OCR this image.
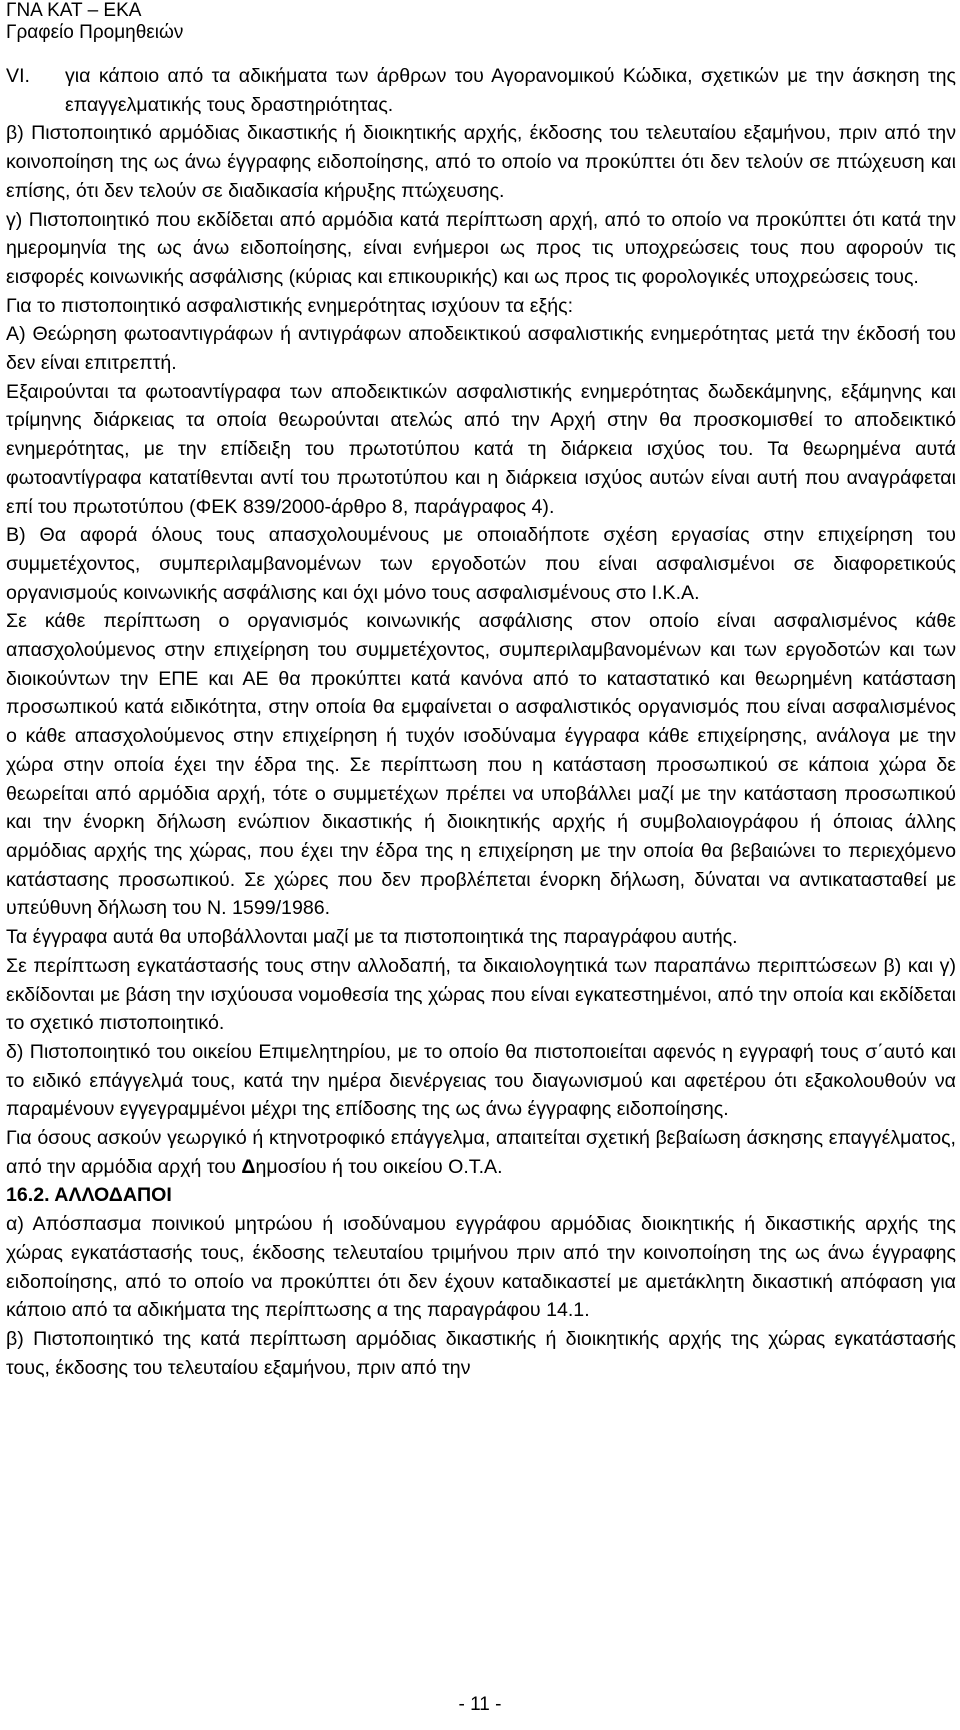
ΓΝΑ ΚΑΤ – ΕΚΑ
Γραφείο Προμηθειών
VI.	για κάποιο από τα αδικήματα των άρθρων του Αγορανομικού Κώδικα, σχετικών με την άσκηση της επαγγελματικής τους δραστηριότητας.

β) Πιστοποιητικό αρμόδιας δικαστικής ή διοικητικής αρχής, έκδοσης του τελευταίου εξαμήνου, πριν από την κοινοποίηση της ως άνω έγγραφης ειδοποίησης, από το οποίο να προκύπτει ότι δεν τελούν σε πτώχευση και επίσης, ότι δεν τελούν σε διαδικασία κήρυξης πτώχευσης.

γ) Πιστοποιητικό που εκδίδεται από αρμόδια κατά περίπτωση αρχή, από το οποίο να προκύπτει ότι κατά την ημερομηνία της ως άνω ειδοποίησης, είναι ενήμεροι ως προς τις υποχρεώσεις τους που αφορούν τις εισφορές κοινωνικής ασφάλισης (κύριας και επικουρικής) και ως προς τις φορολογικές υποχρεώσεις τους.

Για το πιστοποιητικό ασφαλιστικής ενημερότητας ισχύουν τα εξής:

Α) Θεώρηση φωτοαντιγράφων ή αντιγράφων αποδεικτικού ασφαλιστικής ενημερότητας μετά την έκδοσή του δεν είναι επιτρεπτή.

Εξαιρούνται τα φωτοαντίγραφα των αποδεικτικών ασφαλιστικής ενημερότητας δωδεκάμηνης, εξάμηνης και τρίμηνης διάρκειας τα οποία θεωρούνται ατελώς από την Αρχή στην θα προσκομισθεί το αποδεικτικό ενημερότητας, με την επίδειξη του πρωτοτύπου κατά τη διάρκεια ισχύος του. Τα θεωρημένα αυτά φωτοαντίγραφα κατατίθενται αντί του πρωτοτύπου και η διάρκεια ισχύος αυτών είναι αυτή που αναγράφεται επί του πρωτοτύπου (ΦΕΚ 839/2000-άρθρο 8, παράγραφος 4).

Β) Θα αφορά όλους τους απασχολουμένους με οποιαδήποτε σχέση εργασίας στην επιχείρηση του συμμετέχοντος, συμπεριλαμβανομένων των εργοδοτών που είναι ασφαλισμένοι σε διαφορετικούς οργανισμούς κοινωνικής ασφάλισης και όχι μόνο τους ασφαλισμένους στο Ι.Κ.Α.

Σε κάθε περίπτωση ο οργανισμός κοινωνικής ασφάλισης στον οποίο είναι ασφαλισμένος κάθε απασχολούμενος στην επιχείρηση του συμμετέχοντος, συμπεριλαμβανομένων και των εργοδοτών και των διοικούντων την ΕΠΕ και ΑΕ θα προκύπτει κατά κανόνα από το καταστατικό και θεωρημένη κατάσταση προσωπικού κατά ειδικότητα, στην οποία θα εμφαίνεται ο ασφαλιστικός οργανισμός που είναι ασφαλισμένος ο κάθε απασχολούμενος στην επιχείρηση ή τυχόν ισοδύναμα έγγραφα κάθε επιχείρησης, ανάλογα με την χώρα στην οποία έχει την έδρα της. Σε περίπτωση που η κατάσταση προσωπικού σε κάποια χώρα δε θεωρείται από αρμόδια αρχή, τότε ο συμμετέχων πρέπει να υποβάλλει μαζί με την κατάσταση προσωπικού και την ένορκη δήλωση ενώπιον δικαστικής ή διοικητικής αρχής ή συμβολαιογράφου ή όποιας άλλης αρμόδιας αρχής της χώρας, που έχει την έδρα της η επιχείρηση με την οποία θα βεβαιώνει το περιεχόμενο κατάστασης προσωπικού. Σε χώρες που δεν προβλέπεται ένορκη δήλωση, δύναται να αντικατασταθεί με υπεύθυνη δήλωση του Ν. 1599/1986.

Τα έγγραφα αυτά θα υποβάλλονται μαζί με τα πιστοποιητικά της παραγράφου αυτής.

Σε περίπτωση εγκατάστασής τους στην αλλοδαπή, τα δικαιολογητικά των παραπάνω περιπτώσεων β) και γ) εκδίδονται με βάση την ισχύουσα νομοθεσία της χώρας που είναι εγκατεστημένοι, από την οποία και εκδίδεται το σχετικό πιστοποιητικό.

δ) Πιστοποιητικό του οικείου Επιμελητηρίου, με το οποίο θα πιστοποιείται αφενός η εγγραφή τους σ΄αυτό και το ειδικό επάγγελμά τους, κατά την ημέρα διενέργειας του διαγωνισμού και αφετέρου ότι εξακολουθούν να παραμένουν εγγεγραμμένοι μέχρι της επίδοσης της ως άνω έγγραφης ειδοποίησης.

Για όσους ασκούν γεωργικό ή κτηνοτροφικό επάγγελμα, απαιτείται σχετική βεβαίωση άσκησης επαγγέλματος, από την αρμόδια αρχή του Δημοσίου ή του οικείου Ο.Τ.Α.

16.2. ΑΛΛΟΔΑΠΟΙ

α) Απόσπασμα ποινικού μητρώου ή ισοδύναμου εγγράφου αρμόδιας διοικητικής ή δικαστικής αρχής της χώρας εγκατάστασής τους, έκδοσης τελευταίου τριμήνου πριν από την κοινοποίηση της ως άνω έγγραφης ειδοποίησης, από το οποίο να προκύπτει ότι δεν έχουν καταδικαστεί με αμετάκλητη δικαστική απόφαση για κάποιο από τα αδικήματα της περίπτωσης α της παραγράφου 14.1.

β) Πιστοποιητικό της κατά περίπτωση αρμόδιας δικαστικής ή διοικητικής αρχής της χώρας εγκατάστασής τους, έκδοσης του τελευταίου εξαμήνου, πριν από την

- 11 -
